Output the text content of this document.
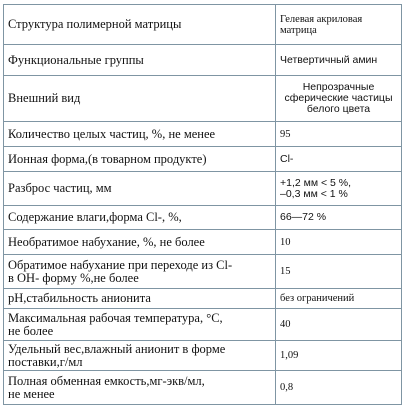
Структура полимерной матрицы	Гелевая акриловая
матрица
Функциональные группы	Четвертичный амин
Внешний вид	Непрозрачные
сферические частицы
белого цвета
Количество целых частиц, %, не менее	95
Ионная форма,(в товарном продукте)	Cl-
Разброс частиц, мм	+1,2 мм < 5 %,
–0,3 мм < 1 %
Содержание влаги,форма Cl-, %,	66—72 %
Необратимое набухание, %, не более	10
Обратимое набухание при переходе из Cl-
в OH- форму %,не более	15
pH,стабильность анионита	без ограничений
Максимальная рабочая температура, °C,
не более	40
Удельный вес,влажный анионит в форме
поставки,г/мл	1,09
Полная обменная емкость,мг-экв/мл,
не менее	0,8
